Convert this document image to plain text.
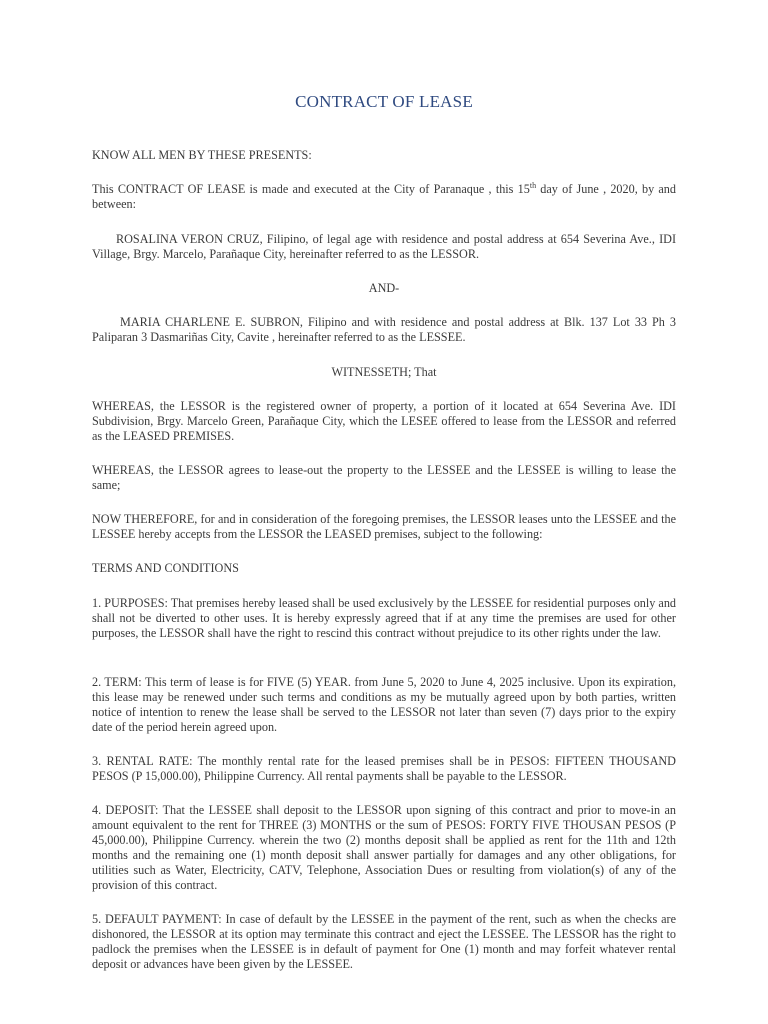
CONTRACT OF LEASE
KNOW ALL MEN BY THESE PRESENTS:
This CONTRACT OF LEASE is made and executed at the City of Paranaque , this 15th day of June , 2020, by and between:
ROSALINA VERON CRUZ, Filipino, of legal age with residence and postal address at 654 Severina Ave., IDI Village, Brgy. Marcelo, Parañaque City, hereinafter referred to as the LESSOR.
AND-
MARIA CHARLENE E. SUBRON, Filipino and with residence and postal address at Blk. 137 Lot 33 Ph 3 Paliparan 3 Dasmariñas City, Cavite , hereinafter referred to as the LESSEE.
WITNESSETH; That
WHEREAS, the LESSOR is the registered owner of property, a portion of it located at 654 Severina Ave. IDI Subdivision, Brgy. Marcelo Green, Parañaque City, which the LESEE offered to lease from the LESSOR and referred as the LEASED PREMISES.
WHEREAS, the LESSOR agrees to lease-out the property to the LESSEE and the LESSEE is willing to lease the same;
NOW THEREFORE, for and in consideration of the foregoing premises, the LESSOR leases unto the LESSEE and the LESSEE hereby accepts from the LESSOR the LEASED premises, subject to the following:
TERMS AND CONDITIONS
1. PURPOSES: That premises hereby leased shall be used exclusively by the LESSEE for residential purposes only and shall not be diverted to other uses. It is hereby expressly agreed that if at any time the premises are used for other purposes, the LESSOR shall have the right to rescind this contract without prejudice to its other rights under the law.
2. TERM: This term of lease is for FIVE (5) YEAR. from June 5, 2020 to June 4, 2025 inclusive. Upon its expiration, this lease may be renewed under such terms and conditions as my be mutually agreed upon by both parties, written notice of intention to renew the lease shall be served to the LESSOR not later than seven (7) days prior to the expiry date of the period herein agreed upon.
3. RENTAL RATE: The monthly rental rate for the leased premises shall be in PESOS: FIFTEEN THOUSAND PESOS (P 15,000.00), Philippine Currency. All rental payments shall be payable to the LESSOR.
4. DEPOSIT: That the LESSEE shall deposit to the LESSOR upon signing of this contract and prior to move-in an amount equivalent to the rent for THREE (3) MONTHS or the sum of PESOS: FORTY FIVE THOUSAN PESOS (P 45,000.00), Philippine Currency. wherein the two (2) months deposit shall be applied as rent for the 11th and 12th months and the remaining one (1) month deposit shall answer partially for damages and any other obligations, for utilities such as Water, Electricity, CATV, Telephone, Association Dues or resulting from violation(s) of any of the provision of this contract.
5. DEFAULT PAYMENT: In case of default by the LESSEE in the payment of the rent, such as when the checks are dishonored, the LESSOR at its option may terminate this contract and eject the LESSEE. The LESSOR has the right to padlock the premises when the LESSEE is in default of payment for One (1) month and may forfeit whatever rental deposit or advances have been given by the LESSEE.
